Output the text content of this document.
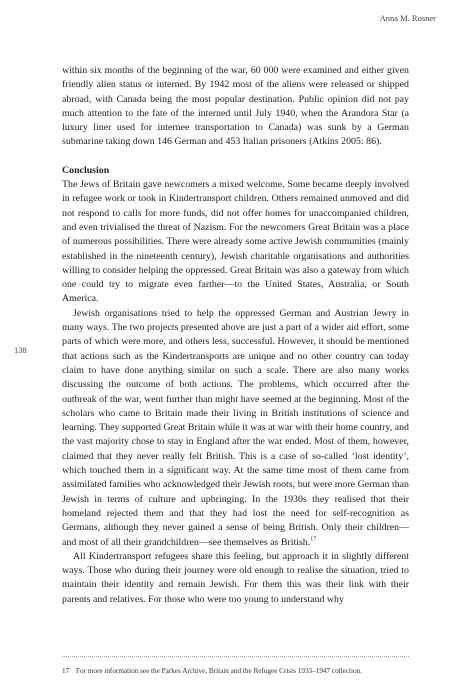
Anna M. Rosner
138

within six months of the beginning of the war, 60 000 were examined and either given friendly alien status or interned. By 1942 most of the aliens were released or shipped abroad, with Canada being the most popular destination. Public opinion did not pay much attention to the fate of the interned until July 1940, when the Arandora Star (a luxury liner used for internee transportation to Canada) was sunk by a German submarine taking down 146 German and 453 Italian prisoners (Atkins 2005: 86).

Conclusion

The Jews of Britain gave newcomers a mixed welcome. Some became deeply involved in refugee work or took in Kindertransport children. Others remained unmoved and did not respond to calls for more funds, did not offer homes for unaccompanied children, and even trivialised the threat of Nazism. For the newcomers Great Britain was a place of numerous possibilities. There were already some active Jewish communities (mainly established in the nineteenth century), Jewish charitable organisations and authorities willing to consider helping the oppressed. Great Britain was also a gateway from which one could try to migrate even farther—to the United States, Australia, or South America.

Jewish organisations tried to help the oppressed German and Austrian Jewry in many ways. The two projects presented above are just a part of a wider aid effort, some parts of which were more, and others less, successful. However, it should be mentioned that actions such as the Kindertransports are unique and no other country can today claim to have done anything similar on such a scale. There are also many works discussing the outcome of both actions. The problems, which occurred after the outbreak of the war, went further than might have seemed at the beginning. Most of the scholars who came to Britain made their living in British institutions of science and learning. They supported Great Britain while it was at war with their home country, and the vast majority chose to stay in England after the war ended. Most of them, however, claimed that they never really felt British. This is a case of so-called ‘lost identity’, which touched them in a significant way. At the same time most of them came from assimilated families who acknowledged their Jewish roots, but were more German than Jewish in terms of culture and upbringing. In the 1930s they realised that their homeland rejected them and that they had lost the need for self-recognition as Germans, although they never gained a sense of being British. Only their children—and most of all their grandchildren—see themselves as British.$^{17}$

All Kindertransport refugees share this feeling, but approach it in slightly different ways. Those who during their journey were old enough to realise the situation, tried to maintain their identity and remain Jewish. For them this was their link with their parents and relatives. For those who were too young to understand why

17 For more information see the Parkes Archive, Britain and the Refugee Crisis 1933–1947 collection.
